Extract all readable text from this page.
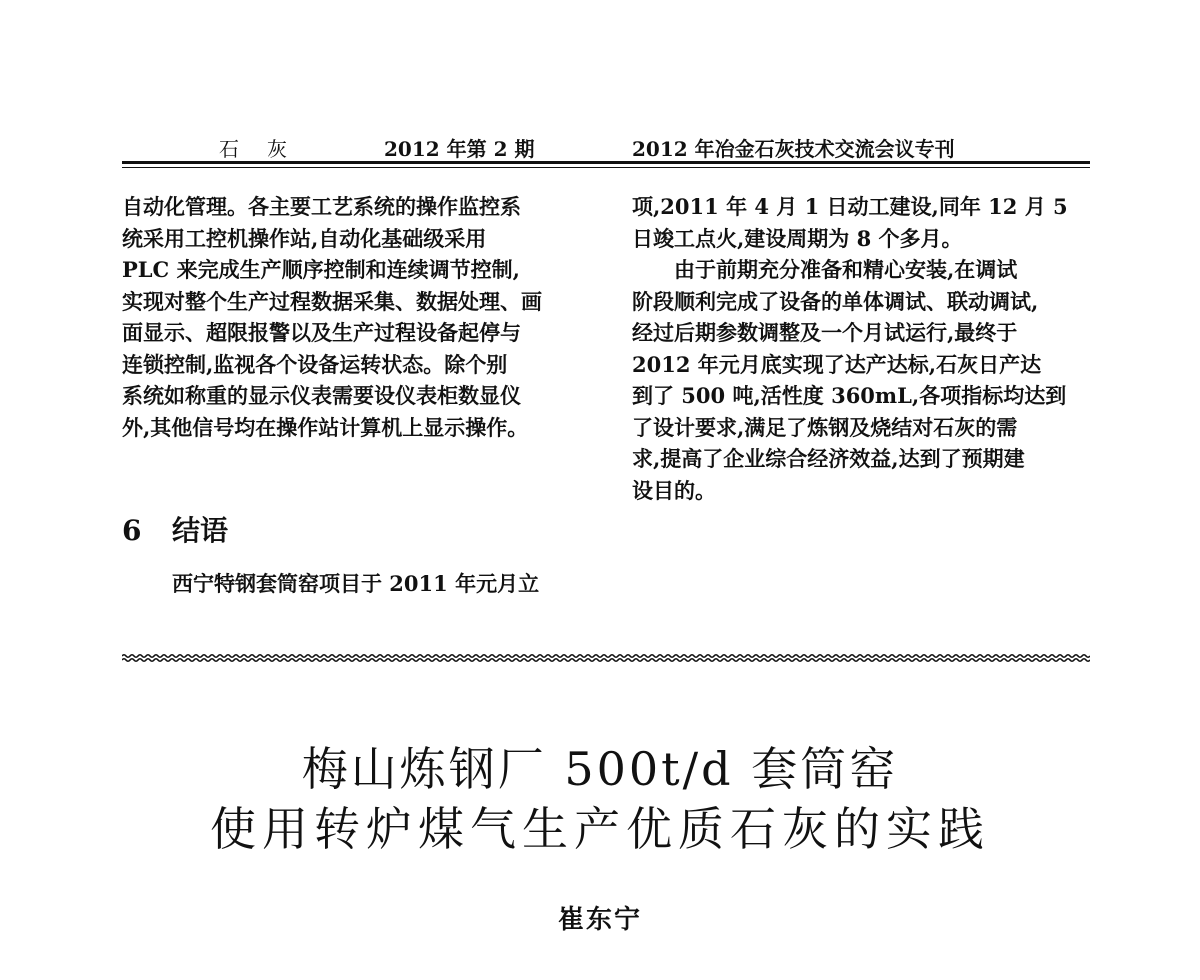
石灰	2012 年第 2 期	2012 年冶金石灰技术交流会议专刊

自动化管理。各主要工艺系统的操作监控系

统采用工控机操作站,自动化基础级采用

PLC 来完成生产顺序控制和连续调节控制,

实现对整个生产过程数据采集、数据处理、画

面显示、超限报警以及生产过程设备起停与

连锁控制,监视各个设备运转状态。除个别

系统如称重的显示仪表需要设仪表柜数显仪

外,其他信号均在操作站计算机上显示操作。

6 结语
西宁特钢套筒窑项目于 2011 年元月立

项,2011 年 4 月 1 日动工建设,同年 12 月 5

日竣工点火,建设周期为 8 个多月。

　　由于前期充分准备和精心安装,在调试

阶段顺利完成了设备的单体调试、联动调试,

经过后期参数调整及一个月试运行,最终于

2012 年元月底实现了达产达标,石灰日产达

到了 500 吨,活性度 360mL,各项指标均达到

了设计要求,满足了炼钢及烧结对石灰的需

求,提高了企业综合经济效益,达到了预期建

设目的。

梅山炼钢厂 500t/d 套筒窑
使用转炉煤气生产优质石灰的实践
崔东宁
